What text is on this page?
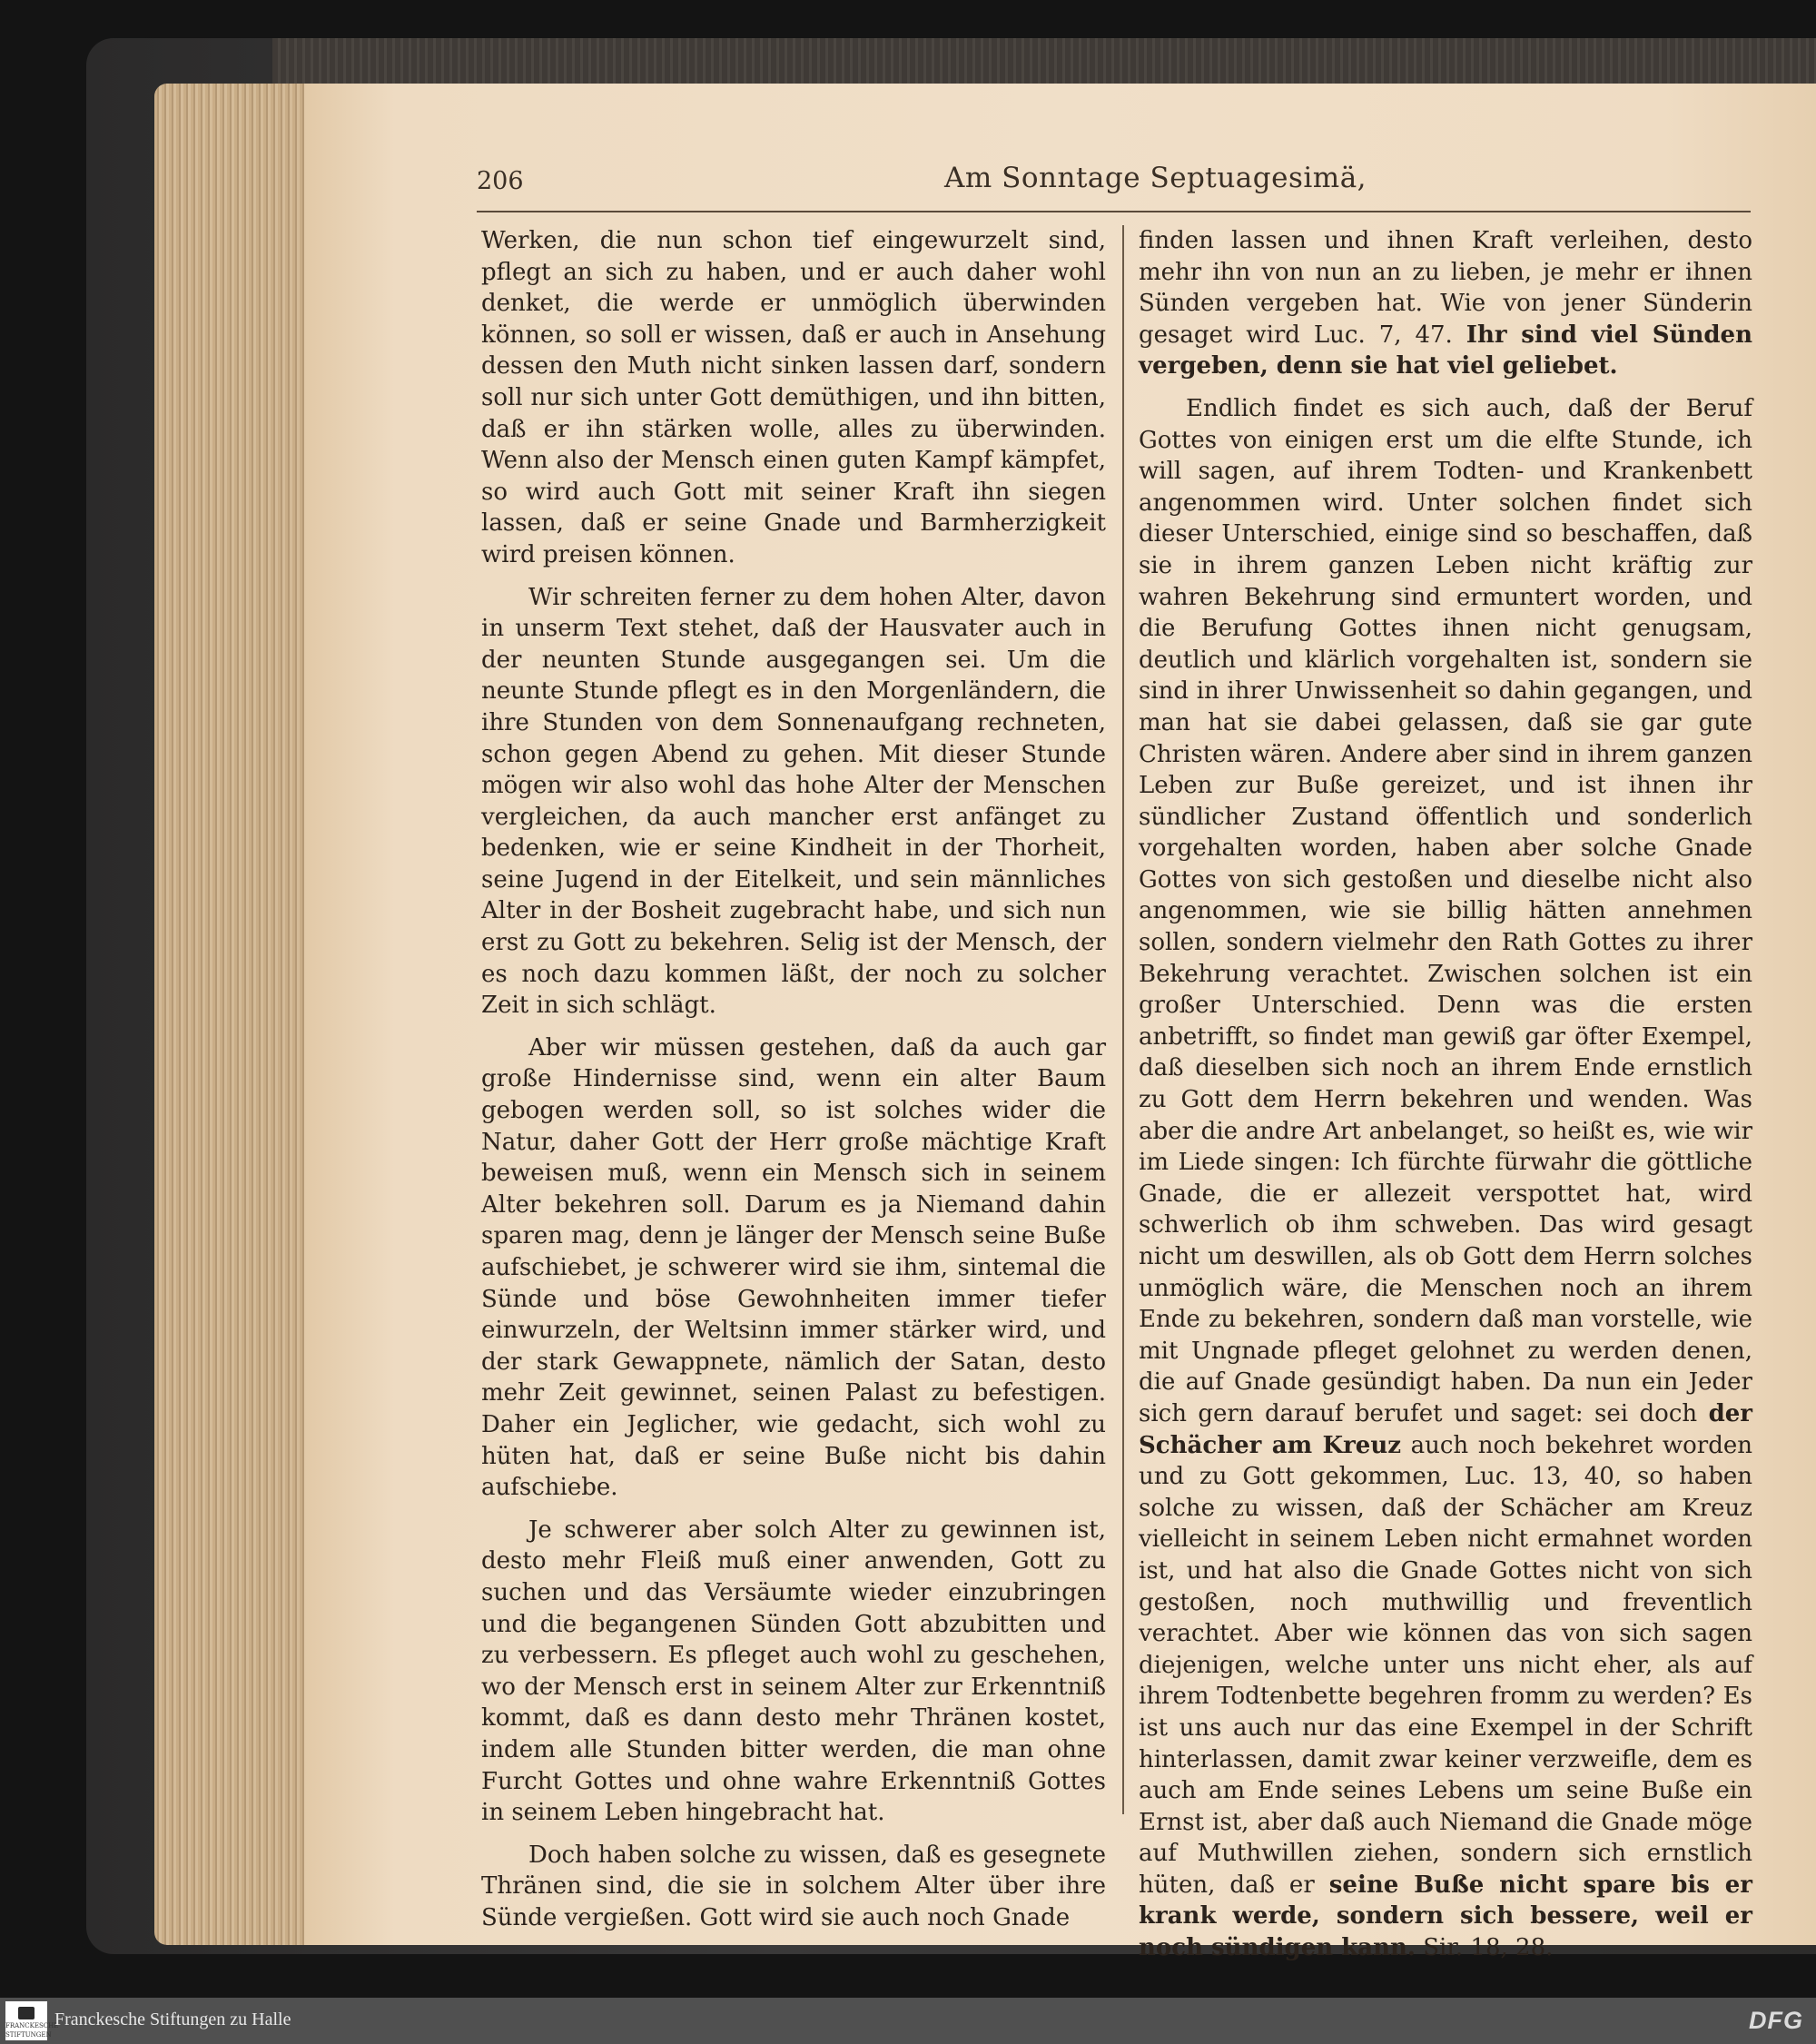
206	Am Sonntage Septuagesimä,

Werken, die nun schon tief eingewurzelt sind, pflegt an sich zu haben, und er auch daher wohl denket, die werde er unmöglich überwinden können, so soll er wissen, daß er auch in Ansehung dessen den Muth nicht sinken lassen darf, sondern soll nur sich unter Gott demüthigen, und ihn bitten, daß er ihn stärken wolle, alles zu überwinden. Wenn also der Mensch einen guten Kampf kämpfet, so wird auch Gott mit seiner Kraft ihn siegen lassen, daß er seine Gnade und Barmherzigkeit wird preisen können.

Wir schreiten ferner zu dem hohen Alter, davon in unserm Text stehet, daß der Hausvater auch in der neunten Stunde ausgegangen sei. Um die neunte Stunde pflegt es in den Morgenländern, die ihre Stunden von dem Sonnenaufgang rechneten, schon gegen Abend zu gehen. Mit dieser Stunde mögen wir also wohl das hohe Alter der Menschen vergleichen, da auch mancher erst anfänget zu bedenken, wie er seine Kindheit in der Thorheit, seine Jugend in der Eitelkeit, und sein männliches Alter in der Bosheit zugebracht habe, und sich nun erst zu Gott zu bekehren. Selig ist der Mensch, der es noch dazu kommen läßt, der noch zu solcher Zeit in sich schlägt.

Aber wir müssen gestehen, daß da auch gar große Hindernisse sind, wenn ein alter Baum gebogen werden soll, so ist solches wider die Natur, daher Gott der Herr große mächtige Kraft beweisen muß, wenn ein Mensch sich in seinem Alter bekehren soll. Darum es ja Niemand dahin sparen mag, denn je länger der Mensch seine Buße aufschiebet, je schwerer wird sie ihm, sintemal die Sünde und böse Gewohnheiten immer tiefer einwurzeln, der Weltsinn immer stärker wird, und der stark Gewappnete, nämlich der Satan, desto mehr Zeit gewinnet, seinen Palast zu befestigen. Daher ein Jeglicher, wie gedacht, sich wohl zu hüten hat, daß er seine Buße nicht bis dahin aufschiebe.

Je schwerer aber solch Alter zu gewinnen ist, desto mehr Fleiß muß einer anwenden, Gott zu suchen und das Versäumte wieder einzubringen und die begangenen Sünden Gott abzubitten und zu verbessern. Es pfleget auch wohl zu geschehen, wo der Mensch erst in seinem Alter zur Erkenntniß kommt, daß es dann desto mehr Thränen kostet, indem alle Stunden bitter werden, die man ohne Furcht Gottes und ohne wahre Erkenntniß Gottes in seinem Leben hingebracht hat.

Doch haben solche zu wissen, daß es gesegnete Thränen sind, die sie in solchem Alter über ihre Sünde vergießen. Gott wird sie auch noch Gnade

finden lassen und ihnen Kraft verleihen, desto mehr ihn von nun an zu lieben, je mehr er ihnen Sünden vergeben hat. Wie von jener Sünderin gesaget wird Luc. 7, 47. Ihr sind viel Sünden vergeben, denn sie hat viel geliebet.

Endlich findet es sich auch, daß der Beruf Gottes von einigen erst um die elfte Stunde, ich will sagen, auf ihrem Todten- und Krankenbett angenommen wird. Unter solchen findet sich dieser Unterschied, einige sind so beschaffen, daß sie in ihrem ganzen Leben nicht kräftig zur wahren Bekehrung sind ermuntert worden, und die Berufung Gottes ihnen nicht genugsam, deutlich und klärlich vorgehalten ist, sondern sie sind in ihrer Unwissenheit so dahin gegangen, und man hat sie dabei gelassen, daß sie gar gute Christen wären. Andere aber sind in ihrem ganzen Leben zur Buße gereizet, und ist ihnen ihr sündlicher Zustand öffentlich und sonderlich vorgehalten worden, haben aber solche Gnade Gottes von sich gestoßen und dieselbe nicht also angenommen, wie sie billig hätten annehmen sollen, sondern vielmehr den Rath Gottes zu ihrer Bekehrung verachtet. Zwischen solchen ist ein großer Unterschied. Denn was die ersten anbetrifft, so findet man gewiß gar öfter Exempel, daß dieselben sich noch an ihrem Ende ernstlich zu Gott dem Herrn bekehren und wenden. Was aber die andre Art anbelanget, so heißt es, wie wir im Liede singen: Ich fürchte fürwahr die göttliche Gnade, die er allezeit verspottet hat, wird schwerlich ob ihm schweben. Das wird gesagt nicht um deswillen, als ob Gott dem Herrn solches unmöglich wäre, die Menschen noch an ihrem Ende zu bekehren, sondern daß man vorstelle, wie mit Ungnade pfleget gelohnet zu werden denen, die auf Gnade gesündigt haben. Da nun ein Jeder sich gern darauf berufet und saget: sei doch der Schächer am Kreuz auch noch bekehret worden und zu Gott gekommen, Luc. 13, 40, so haben solche zu wissen, daß der Schächer am Kreuz vielleicht in seinem Leben nicht ermahnet worden ist, und hat also die Gnade Gottes nicht von sich gestoßen, noch muthwillig und freventlich verachtet. Aber wie können das von sich sagen diejenigen, welche unter uns nicht eher, als auf ihrem Todtenbette begehren fromm zu werden? Es ist uns auch nur das eine Exempel in der Schrift hinterlassen, damit zwar keiner verzweifle, dem es auch am Ende seines Lebens um seine Buße ein Ernst ist, aber daß auch Niemand die Gnade möge auf Muthwillen ziehen, sondern sich ernstlich hüten, daß er seine Buße nicht spare bis er krank werde, sondern sich bessere, weil er noch sündigen kann. Sir. 18, 28.

FRANCKESCHE STIFTUNGEN
Franckesche Stiftungen zu Halle	DFG
